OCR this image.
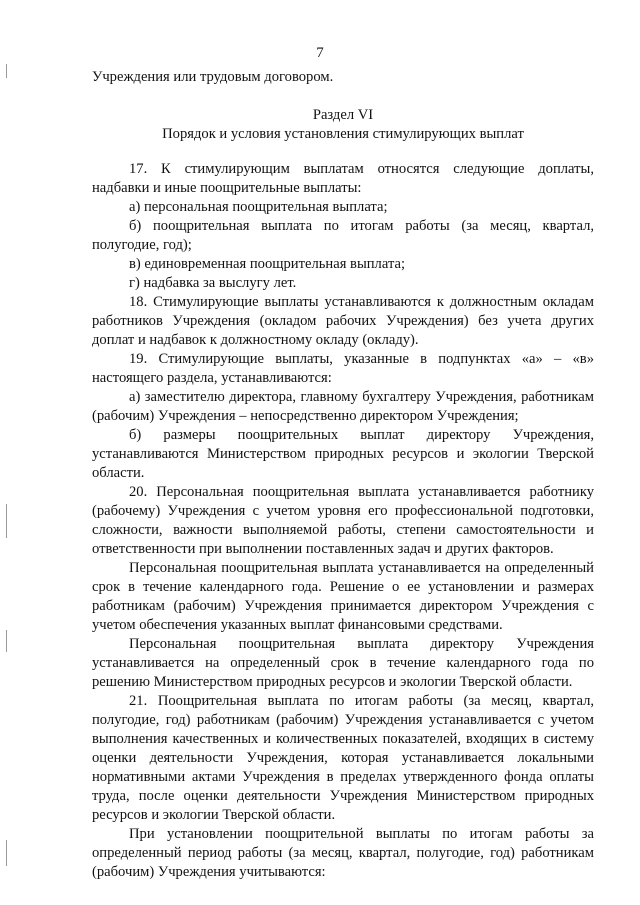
7

Учреждения или трудовым договором.

Раздел VI
Порядок и условия установления стимулирующих выплат

17. К стимулирующим выплатам относятся следующие доплаты, надбавки и иные поощрительные выплаты:

а) персональная поощрительная выплата;

б) поощрительная выплата по итогам работы (за месяц, квартал, полугодие, год);

в) единовременная поощрительная выплата;

г) надбавка за выслугу лет.

18. Стимулирующие выплаты устанавливаются к должностным окладам работников Учреждения (окладом рабочих Учреждения) без учета других доплат и надбавок к должностному окладу (окладу).

19. Стимулирующие выплаты, указанные в подпунктах «а» – «в» настоящего раздела, устанавливаются:

а) заместителю директора, главному бухгалтеру Учреждения, работникам (рабочим) Учреждения – непосредственно директором Учреждения;

б) размеры поощрительных выплат директору Учреждения, устанавливаются Министерством природных ресурсов и экологии Тверской области.

20. Персональная поощрительная выплата устанавливается работнику (рабочему) Учреждения с учетом уровня его профессиональной подготовки, сложности, важности выполняемой работы, степени самостоятельности и ответственности при выполнении поставленных задач и других факторов.

Персональная поощрительная выплата устанавливается на определенный срок в течение календарного года. Решение о ее установлении и размерах работникам (рабочим) Учреждения принимается директором Учреждения с учетом обеспечения указанных выплат финансовыми средствами.

Персональная поощрительная выплата директору Учреждения устанавливается на определенный срок в течение календарного года по решению Министерством природных ресурсов и экологии Тверской области.

21. Поощрительная выплата по итогам работы (за месяц, квартал, полугодие, год) работникам (рабочим) Учреждения устанавливается с учетом выполнения качественных и количественных показателей, входящих в систему оценки деятельности Учреждения, которая устанавливается локальными нормативными актами Учреждения в пределах утвержденного фонда оплаты труда, после оценки деятельности Учреждения Министерством природных ресурсов и экологии Тверской области.

При установлении поощрительной выплаты по итогам работы за определенный период работы (за месяц, квартал, полугодие, год) работникам (рабочим) Учреждения учитываются:
